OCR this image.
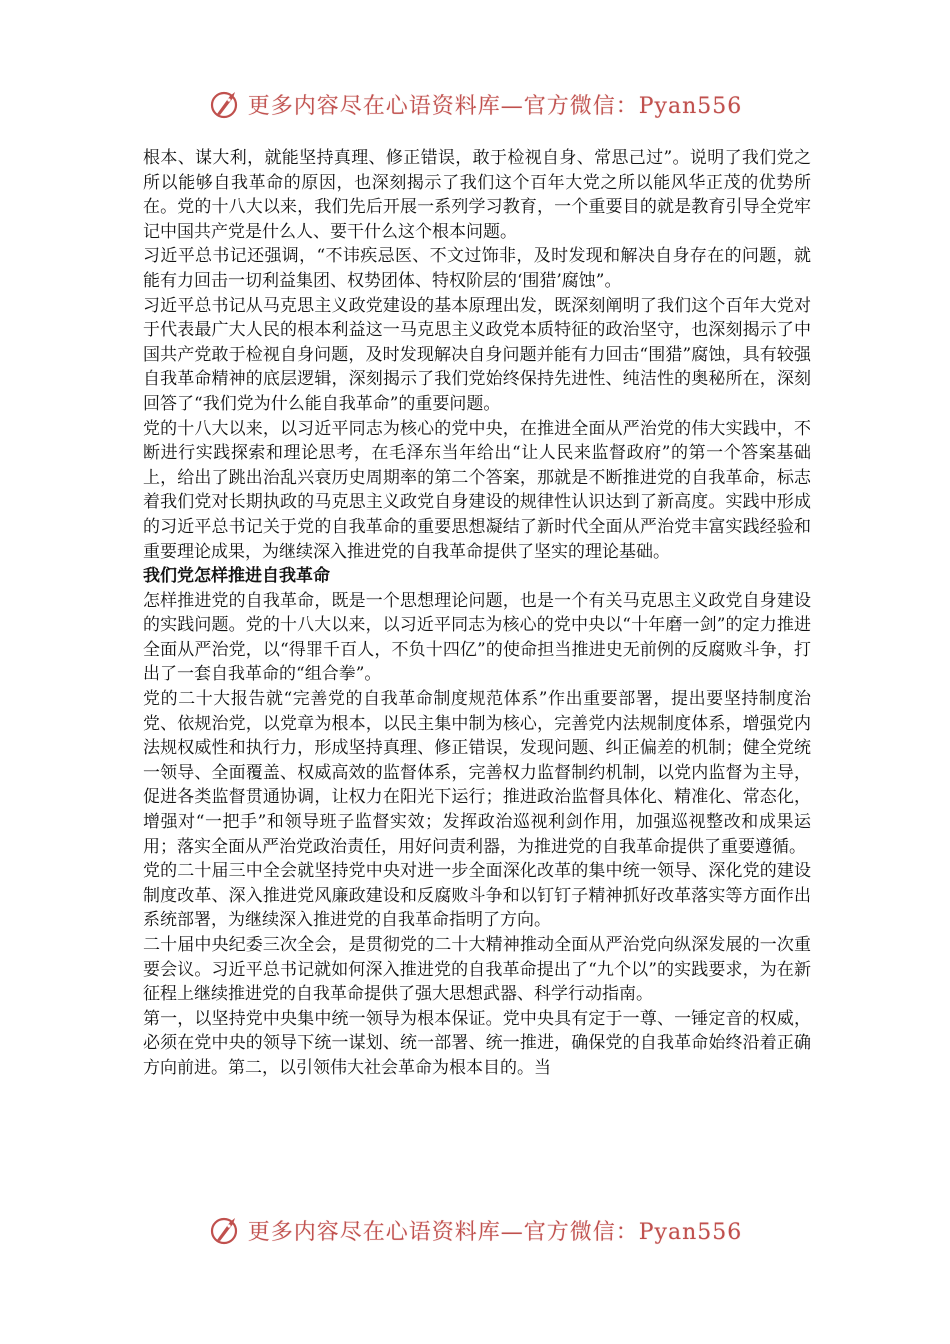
更多内容尽在心语资料库—官方微信：Pyan556

根本、谋大利，就能坚持真理、修正错误，敢于检视自身、常思己过”。说明了我们党之所以能够自我革命的原因，也深刻揭示了我们这个百年大党之所以能风华正茂的优势所在。党的十八大以来，我们先后开展一系列学习教育，一个重要目的就是教育引导全党牢记中国共产党是什么人、要干什么这个根本问题。

习近平总书记还强调，“不讳疾忌医、不文过饰非，及时发现和解决自身存在的问题，就能有力回击一切利益集团、权势团体、特权阶层的‘围猎’腐蚀”。

习近平总书记从马克思主义政党建设的基本原理出发，既深刻阐明了我们这个百年大党对于代表最广大人民的根本利益这一马克思主义政党本质特征的政治坚守，也深刻揭示了中国共产党敢于检视自身问题，及时发现解决自身问题并能有力回击“围猎”腐蚀，具有较强自我革命精神的底层逻辑，深刻揭示了我们党始终保持先进性、纯洁性的奥秘所在，深刻回答了“我们党为什么能自我革命”的重要问题。

党的十八大以来，以习近平同志为核心的党中央，在推进全面从严治党的伟大实践中，不断进行实践探索和理论思考，在毛泽东当年给出“让人民来监督政府”的第一个答案基础上，给出了跳出治乱兴衰历史周期率的第二个答案，那就是不断推进党的自我革命，标志着我们党对长期执政的马克思主义政党自身建设的规律性认识达到了新高度。实践中形成的习近平总书记关于党的自我革命的重要思想凝结了新时代全面从严治党丰富实践经验和重要理论成果，为继续深入推进党的自我革命提供了坚实的理论基础。

我们党怎样推进自我革命

怎样推进党的自我革命，既是一个思想理论问题，也是一个有关马克思主义政党自身建设的实践问题。党的十八大以来，以习近平同志为核心的党中央以“十年磨一剑”的定力推进全面从严治党，以“得罪千百人，不负十四亿”的使命担当推进史无前例的反腐败斗争，打出了一套自我革命的“组合拳”。

党的二十大报告就“完善党的自我革命制度规范体系”作出重要部署，提出要坚持制度治党、依规治党，以党章为根本，以民主集中制为核心，完善党内法规制度体系，增强党内法规权威性和执行力，形成坚持真理、修正错误，发现问题、纠正偏差的机制；健全党统一领导、全面覆盖、权威高效的监督体系，完善权力监督制约机制，以党内监督为主导，促进各类监督贯通协调，让权力在阳光下运行；推进政治监督具体化、精准化、常态化，增强对“一把手”和领导班子监督实效；发挥政治巡视利剑作用，加强巡视整改和成果运用；落实全面从严治党政治责任，用好问责利器，为推进党的自我革命提供了重要遵循。

党的二十届三中全会就坚持党中央对进一步全面深化改革的集中统一领导、深化党的建设制度改革、深入推进党风廉政建设和反腐败斗争和以钉钉子精神抓好改革落实等方面作出系统部署，为继续深入推进党的自我革命指明了方向。

二十届中央纪委三次全会，是贯彻党的二十大精神推动全面从严治党向纵深发展的一次重要会议。习近平总书记就如何深入推进党的自我革命提出了“九个以”的实践要求，为在新征程上继续推进党的自我革命提供了强大思想武器、科学行动指南。

第一，以坚持党中央集中统一领导为根本保证。党中央具有定于一尊、一锤定音的权威，必须在党中央的领导下统一谋划、统一部署、统一推进，确保党的自我革命始终沿着正确方向前进。第二，以引领伟大社会革命为根本目的。当

更多内容尽在心语资料库—官方微信：Pyan556
